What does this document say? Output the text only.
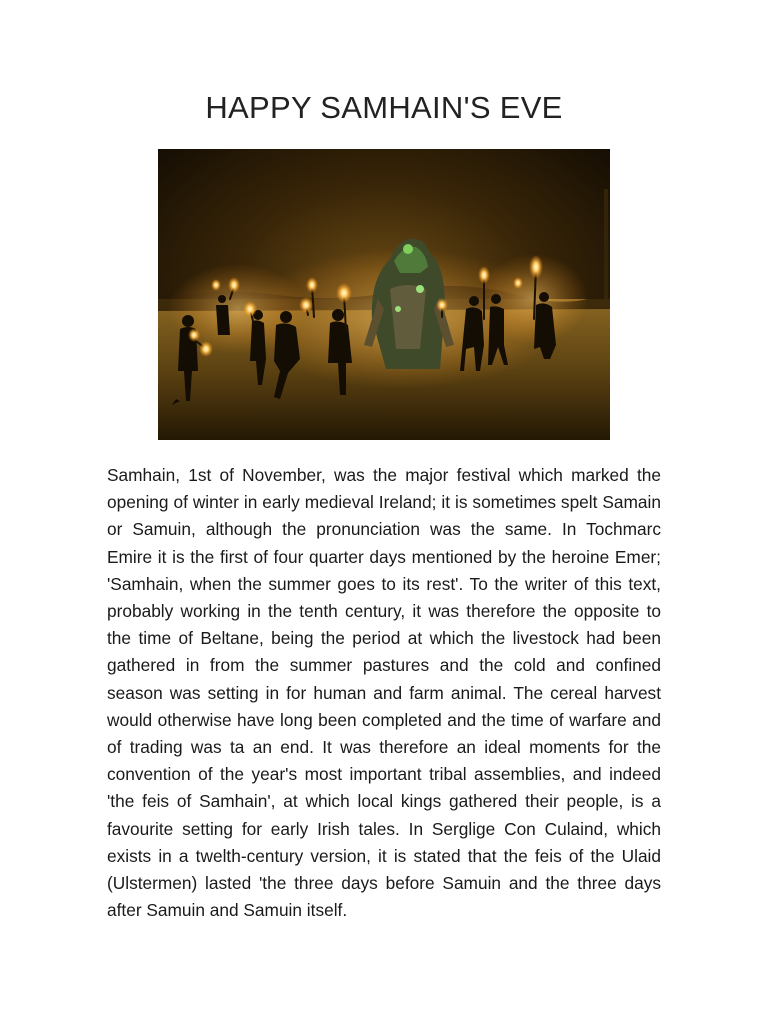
HAPPY SAMHAIN'S EVE

Samhain, 1st of November, was the major festival which marked the opening of winter in early medieval Ireland; it is sometimes spelt Samain or Samuin, although the pronunciation was the same. In Tochmarc Emire it is the first of four quarter days mentioned by the heroine Emer; 'Samhain, when the summer goes to its rest'. To the writer of this text, probably working in the tenth century, it was therefore the opposite to the time of Beltane, being the period at which the livestock had been gathered in from the summer pastures and the cold and confined season was setting in for human and farm animal. The cereal harvest would otherwise have long been completed and the time of warfare and of trading was ta an end. It was therefore an ideal moments for the convention of the year's most important tribal assemblies, and indeed 'the feis of Samhain', at which local kings gathered their people, is a favourite setting for early Irish tales. In Serglige Con Culaind, which exists in a twelth-century version, it is stated that the feis of the Ulaid (Ulstermen) lasted 'the three days before Samuin and the three days after Samuin and Samuin itself.
